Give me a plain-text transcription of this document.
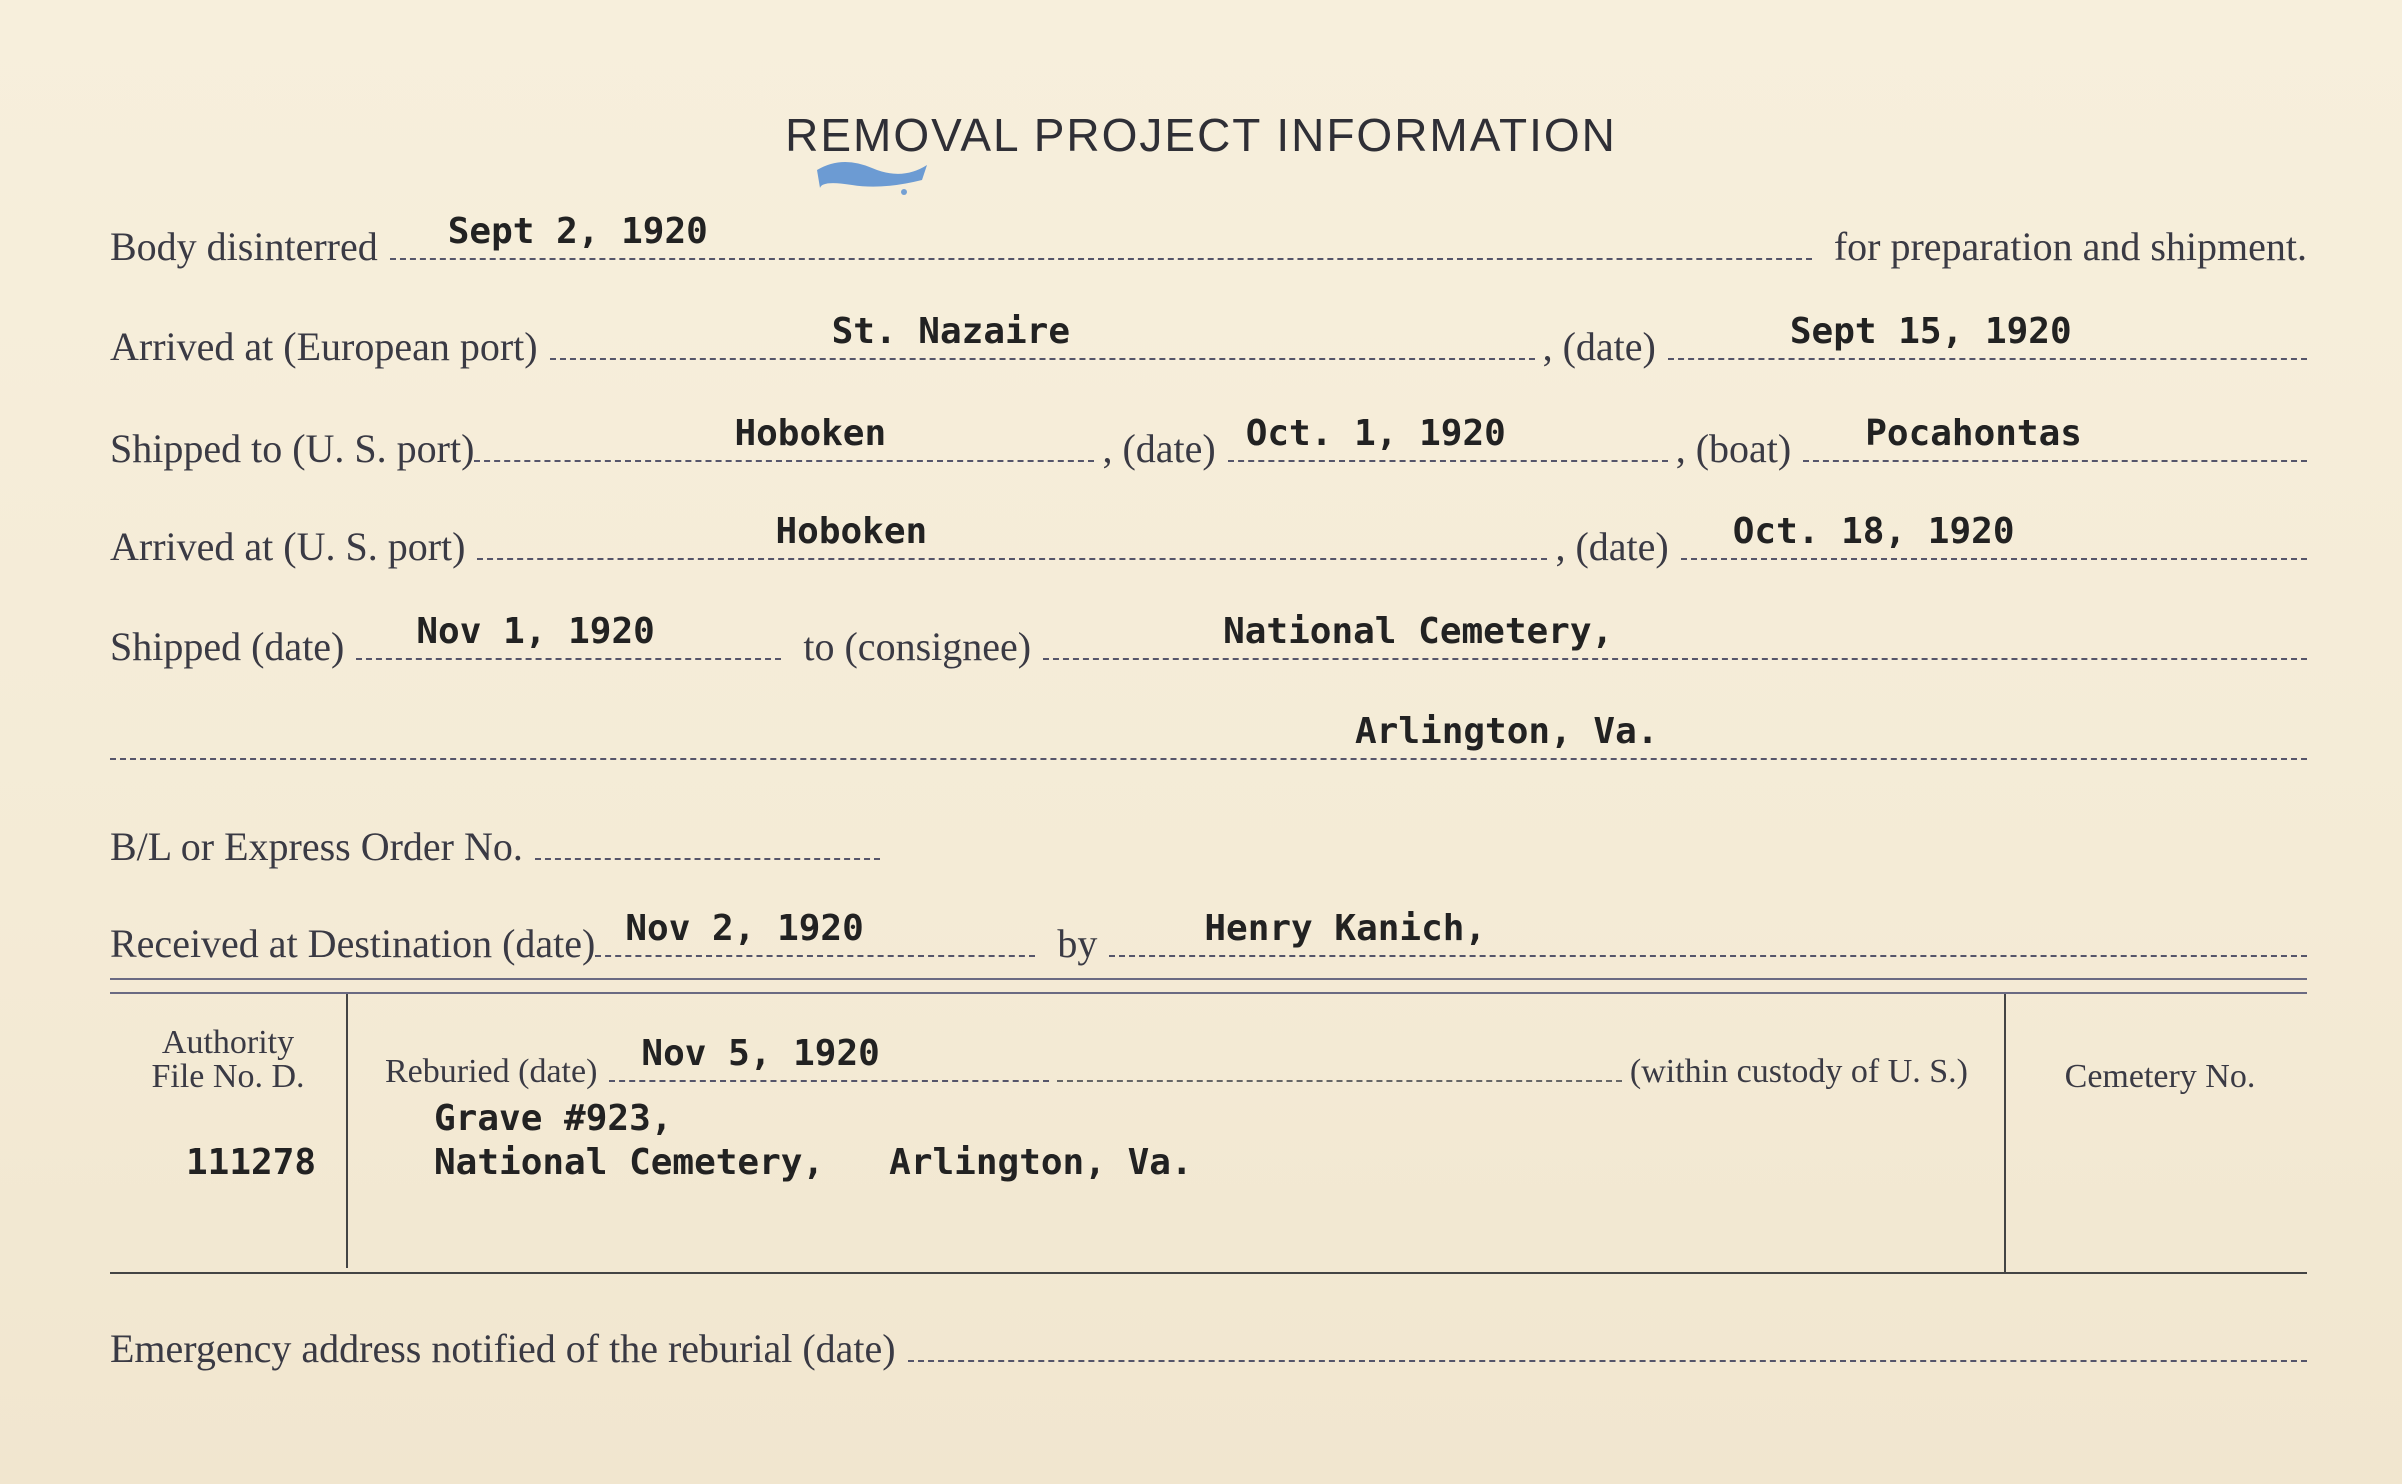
REMOVAL PROJECT INFORMATION
Body disinterred	Sept 2, 1920	for preparation and shipment.
Arrived at (European port)	St. Nazaire	, (date)	Sept 15, 1920
Shipped to (U. S. port)	Hoboken	, (date) Oct. 1, 1920	, (boat)	Pocahontas
Arrived at (U. S. port)	Hoboken	, (date)	Oct. 18, 1920
Shipped (date)	Nov 1, 1920	to (consignee)	National Cemetery,
Arlington, Va.
B/L or Express Order No.
Received at Destination (date) Nov 2, 1920	by	Henry Kanich,
Authority
File No. D.
111278
Reburied (date)	Nov 5, 1920	(within custody of U. S.)
Grave #923,
National Cemetery,   Arlington, Va.
Cemetery No.
Emergency address notified of the reburial (date)
